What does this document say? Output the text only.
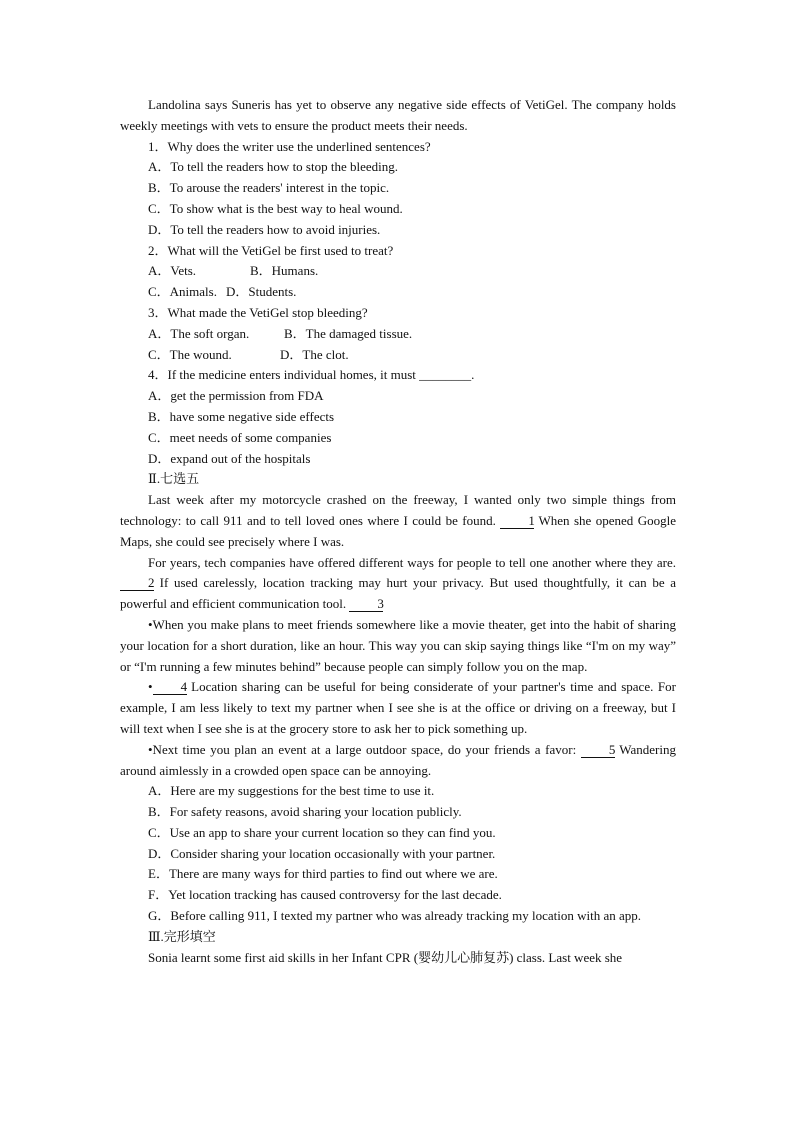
Landolina says Suneris has yet to observe any negative side effects of VetiGel. The company holds weekly meetings with vets to ensure the product meets their needs.

1．Why does the writer use the underlined sentences?

A．To tell the readers how to stop the bleeding.

B．To arouse the readers' interest in the topic.

C．To show what is the best way to heal wound.

D．To tell the readers how to avoid injuries.

2．What will the VetiGel be first used to treat?

A．Vets.	B．Humans.

C．Animals. D．Students.

3．What made the VetiGel stop bleeding?

A．The soft organ.	B．The damaged tissue.

C．The wound.	D．The clot.

4．If the medicine enters individual homes, it must ________.

A．get the permission from FDA

B．have some negative side effects

C．meet needs of some companies

D．expand out of the hospitals

Ⅱ.七选五

Last week after my motorcycle crashed on the freeway, I wanted only two simple things from technology: to call 911 and to tell loved ones where I could be found. 1 When she opened Google Maps, she could see precisely where I was.

For years, tech companies have offered different ways for people to tell one another where they are. 2 If used carelessly, location tracking may hurt your privacy. But used thoughtfully, it can be a powerful and efficient communication tool. 3

•When you make plans to meet friends somewhere like a movie theater, get into the habit of sharing your location for a short duration, like an hour. This way you can skip saying things like “I'm on my way” or “I'm running a few minutes behind” because people can simply follow you on the map.

• 4 Location sharing can be useful for being considerate of your partner's time and space. For example, I am less likely to text my partner when I see she is at the office or driving on a freeway, but I will text when I see she is at the grocery store to ask her to pick something up.

•Next time you plan an event at a large outdoor space, do your friends a favor: 5 Wandering around aimlessly in a crowded open space can be annoying.

A．Here are my suggestions for the best time to use it.

B．For safety reasons, avoid sharing your location publicly.

C．Use an app to share your current location so they can find you.

D．Consider sharing your location occasionally with your partner.

E．There are many ways for third parties to find out where we are.

F．Yet location tracking has caused controversy for the last decade.

G．Before calling 911, I texted my partner who was already tracking my location with an app.

Ⅲ.完形填空

Sonia learnt some first aid skills in her Infant CPR (婴幼儿心肺复苏) class. Last week she
